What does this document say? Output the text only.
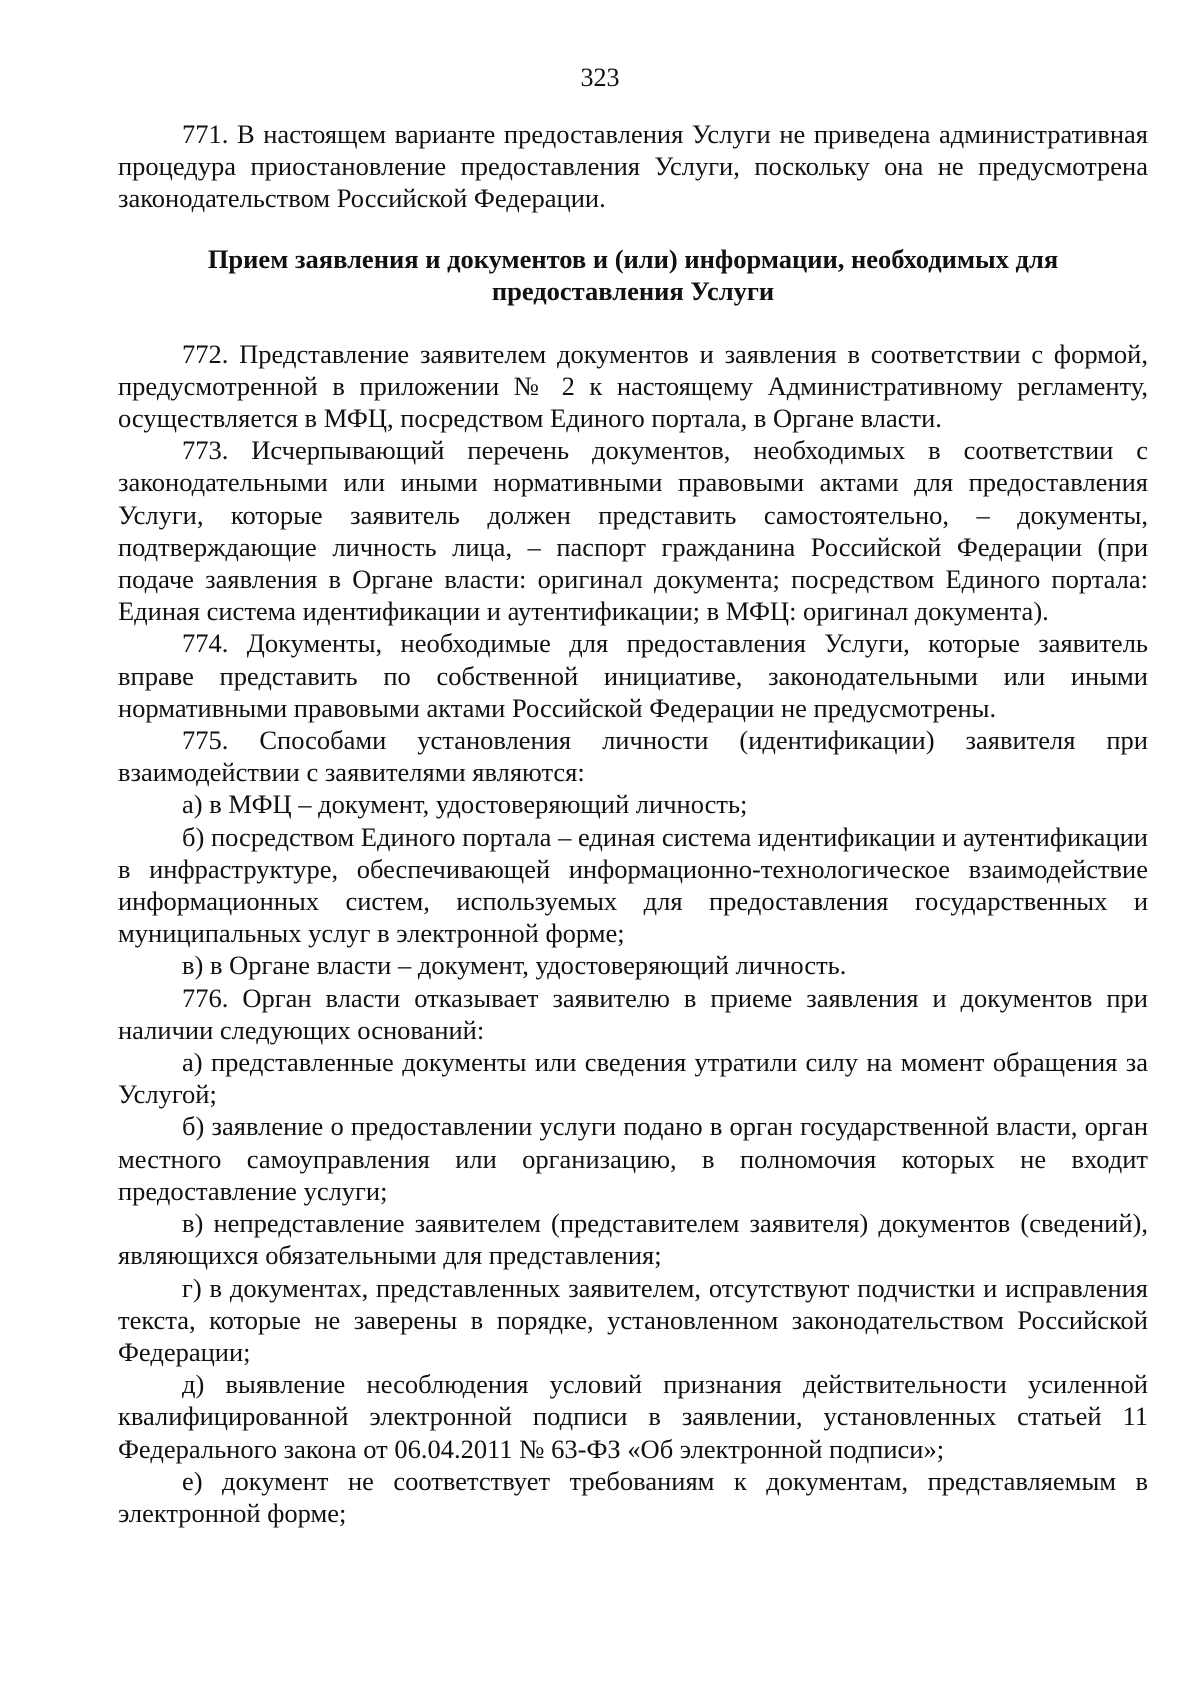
323

771. В настоящем варианте предоставления Услуги не приведена административная процедура приостановление предоставления Услуги, поскольку она не предусмотрена законодательством Российской Федерации.

Прием заявления и документов и (или) информации, необходимых для
предоставления Услуги

772. Представление заявителем документов и заявления в соответствии с формой, предусмотренной в приложении № 2 к настоящему Административному регламенту, осуществляется в МФЦ, посредством Единого портала, в Органе власти.

773. Исчерпывающий перечень документов, необходимых в соответствии с законодательными или иными нормативными правовыми актами для предоставления Услуги, которые заявитель должен представить самостоятельно, – документы, подтверждающие личность лица, – паспорт гражданина Российской Федерации (при подаче заявления в Органе власти: оригинал документа; посредством Единого портала: Единая система идентификации и аутентификации; в МФЦ: оригинал документа).

774. Документы, необходимые для предоставления Услуги, которые заявитель вправе представить по собственной инициативе, законодательными или иными нормативными правовыми актами Российской Федерации не предусмотрены.

775. Способами установления личности (идентификации) заявителя при взаимодействии с заявителями являются:

а) в МФЦ – документ, удостоверяющий личность;

б) посредством Единого портала – единая система идентификации и аутентификации в инфраструктуре, обеспечивающей информационно-технологическое взаимодействие информационных систем, используемых для предоставления государственных и муниципальных услуг в электронной форме;

в) в Органе власти – документ, удостоверяющий личность.

776. Орган власти отказывает заявителю в приеме заявления и документов при наличии следующих оснований:

а) представленные документы или сведения утратили силу на момент обращения за Услугой;

б) заявление о предоставлении услуги подано в орган государственной власти, орган местного самоуправления или организацию, в полномочия которых не входит предоставление услуги;

в) непредставление заявителем (представителем заявителя) документов (сведений), являющихся обязательными для представления;

г) в документах, представленных заявителем, отсутствуют подчистки и исправления текста, которые не заверены в порядке, установленном законодательством Российской Федерации;

д) выявление несоблюдения условий признания действительности усиленной квалифицированной электронной подписи в заявлении, установленных статьей 11 Федерального закона от 06.04.2011 № 63-ФЗ «Об электронной подписи»;

е) документ не соответствует требованиям к документам, представляемым в электронной форме;
